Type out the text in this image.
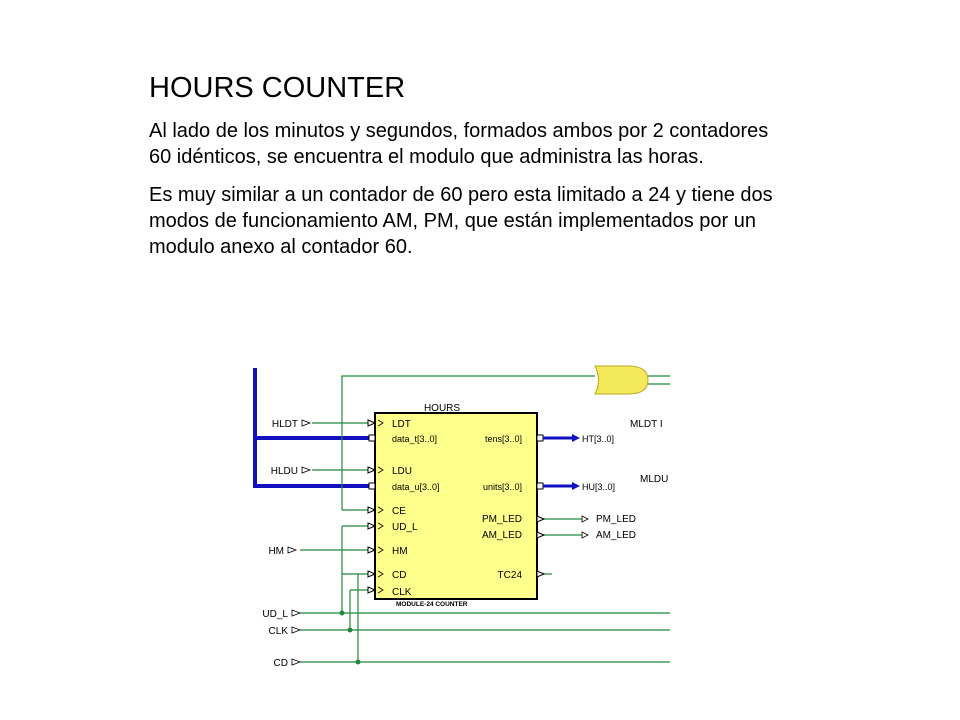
HOURS COUNTER

Al lado de los minutos y segundos, formados ambos por 2 contadores 60 idénticos, se encuentra el modulo que administra las horas.

Es muy similar a un contador de 60 pero esta limitado a 24 y tiene dos modos de funcionamiento AM, PM, que están implementados por un modulo anexo al contador 60.

HOURS
MODULE-24 COUNTER
LDT
data_t[3..0]
LDU
data_u[3..0]
CE
UD_L
HM
CD
CLK
tens[3..0]
units[3..0]
PM_LED
AM_LED
TC24
HT[3..0]
HU[3..0]
PM_LED
AM_LED
MLDT I
MLDU
HLDT
HLDU
HM
UD_L
CLK
CD
